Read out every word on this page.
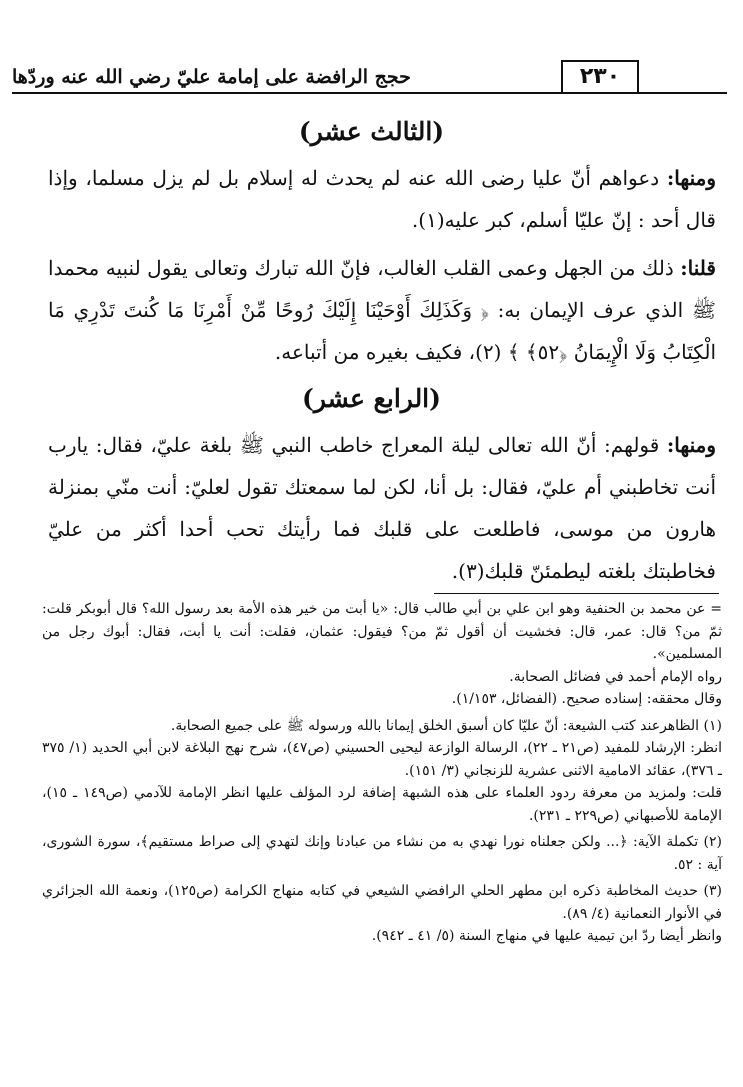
٢٣٠
حجج الرافضة على إمامة عليّ رضي الله عنه وردّها
(الثالث عشر)

ومنها: دعواهم أنّ عليا رضى الله عنه لم يحدث له إسلام بل لم يزل مسلما، وإذا قال أحد : إنّ عليّا أسلم، كبر عليه(١).

قلنا: ذلك من الجهل وعمى القلب الغالب، فإنّ الله تبارك وتعالى يقول لنبيه محمدا ﷺ الذي عرف الإيمان به: ﴿ وَكَذَلِكَ أَوْحَيْنَا إِلَيْكَ رُوحًا مِّنْ أَمْرِنَا مَا كُنتَ تَدْرِي مَا الْكِتَابُ وَلَا الْإِيمَانُ ﴿٥٢﴾ ﴾ (٢)، فكيف بغيره من أتباعه.

(الرابع عشر)

ومنها: قولهم: أنّ الله تعالى ليلة المعراج خاطب النبي ﷺ بلغة عليّ، فقال: يارب أنت تخاطبني أم عليّ، فقال: بل أنا، لكن لما سمعتك تقول لعليّ: أنت منّي بمنزلة هارون من موسى، فاطلعت على قلبك فما رأيتك تحب أحدا أكثر من عليّ فخاطبتك بلغته ليطمئنّ قلبك(٣).

= عن محمد بن الحنفية وهو ابن علي بن أبي طالب قال: «يا أبت من خير هذه الأمة بعد رسول الله؟ قال أبوبكر قلت: ثمّ من؟ قال: عمر، قال: فخشيت أن أقول ثمّ من؟ فيقول: عثمان، فقلت: أنت يا أبت، فقال: أبوك رجل من المسلمين».

رواه الإمام أحمد في فضائل الصحابة.

وقال محققه: إسناده صحيح. (الفضائل، ١/١٥٣).

(١) الظاهرعند كتب الشيعة: أنّ عليّا كان أسبق الخلق إيمانا بالله ورسوله ﷺ على جميع الصحابة.

انظر: الإرشاد للمفيد (ص٢١ ـ ٢٢)، الرسالة الوازعة ليحيى الحسيني (ص٤٧)، شرح نهج البلاغة لابن أبي الحديد (١/ ٣٧٥ ـ ٣٧٦)، عقائد الامامية الاثنى عشرية للزنجاني (٣/ ١٥١).

قلت: ولمزيد من معرفة ردود العلماء على هذه الشبهة إضافة لرد المؤلف عليها انظر الإمامة للآدمي (ص١٤٩ ـ ١٥)، الإمامة للأصبهاني (ص٢٢٩ ـ ٢٣١).

(٢) تكملة الآية: ﴿... ولكن جعلناه نورا نهدي به من نشاء من عبادنا وإنك لتهدي إلى صراط مستقيم﴾، سورة الشورى، آية : ٥٢.

(٣) حديث المخاطبة ذكره ابن مطهر الحلي الرافضي الشيعي في كتابه منهاج الكرامة (ص١٢٥)، ونعمة الله الجزائري في الأنوار النعمانية (٤/ ٨٩).

وانظر أيضا ردّ ابن تيمية عليها في منهاج السنة (٥/ ٤١ ـ ٩٤٢).
